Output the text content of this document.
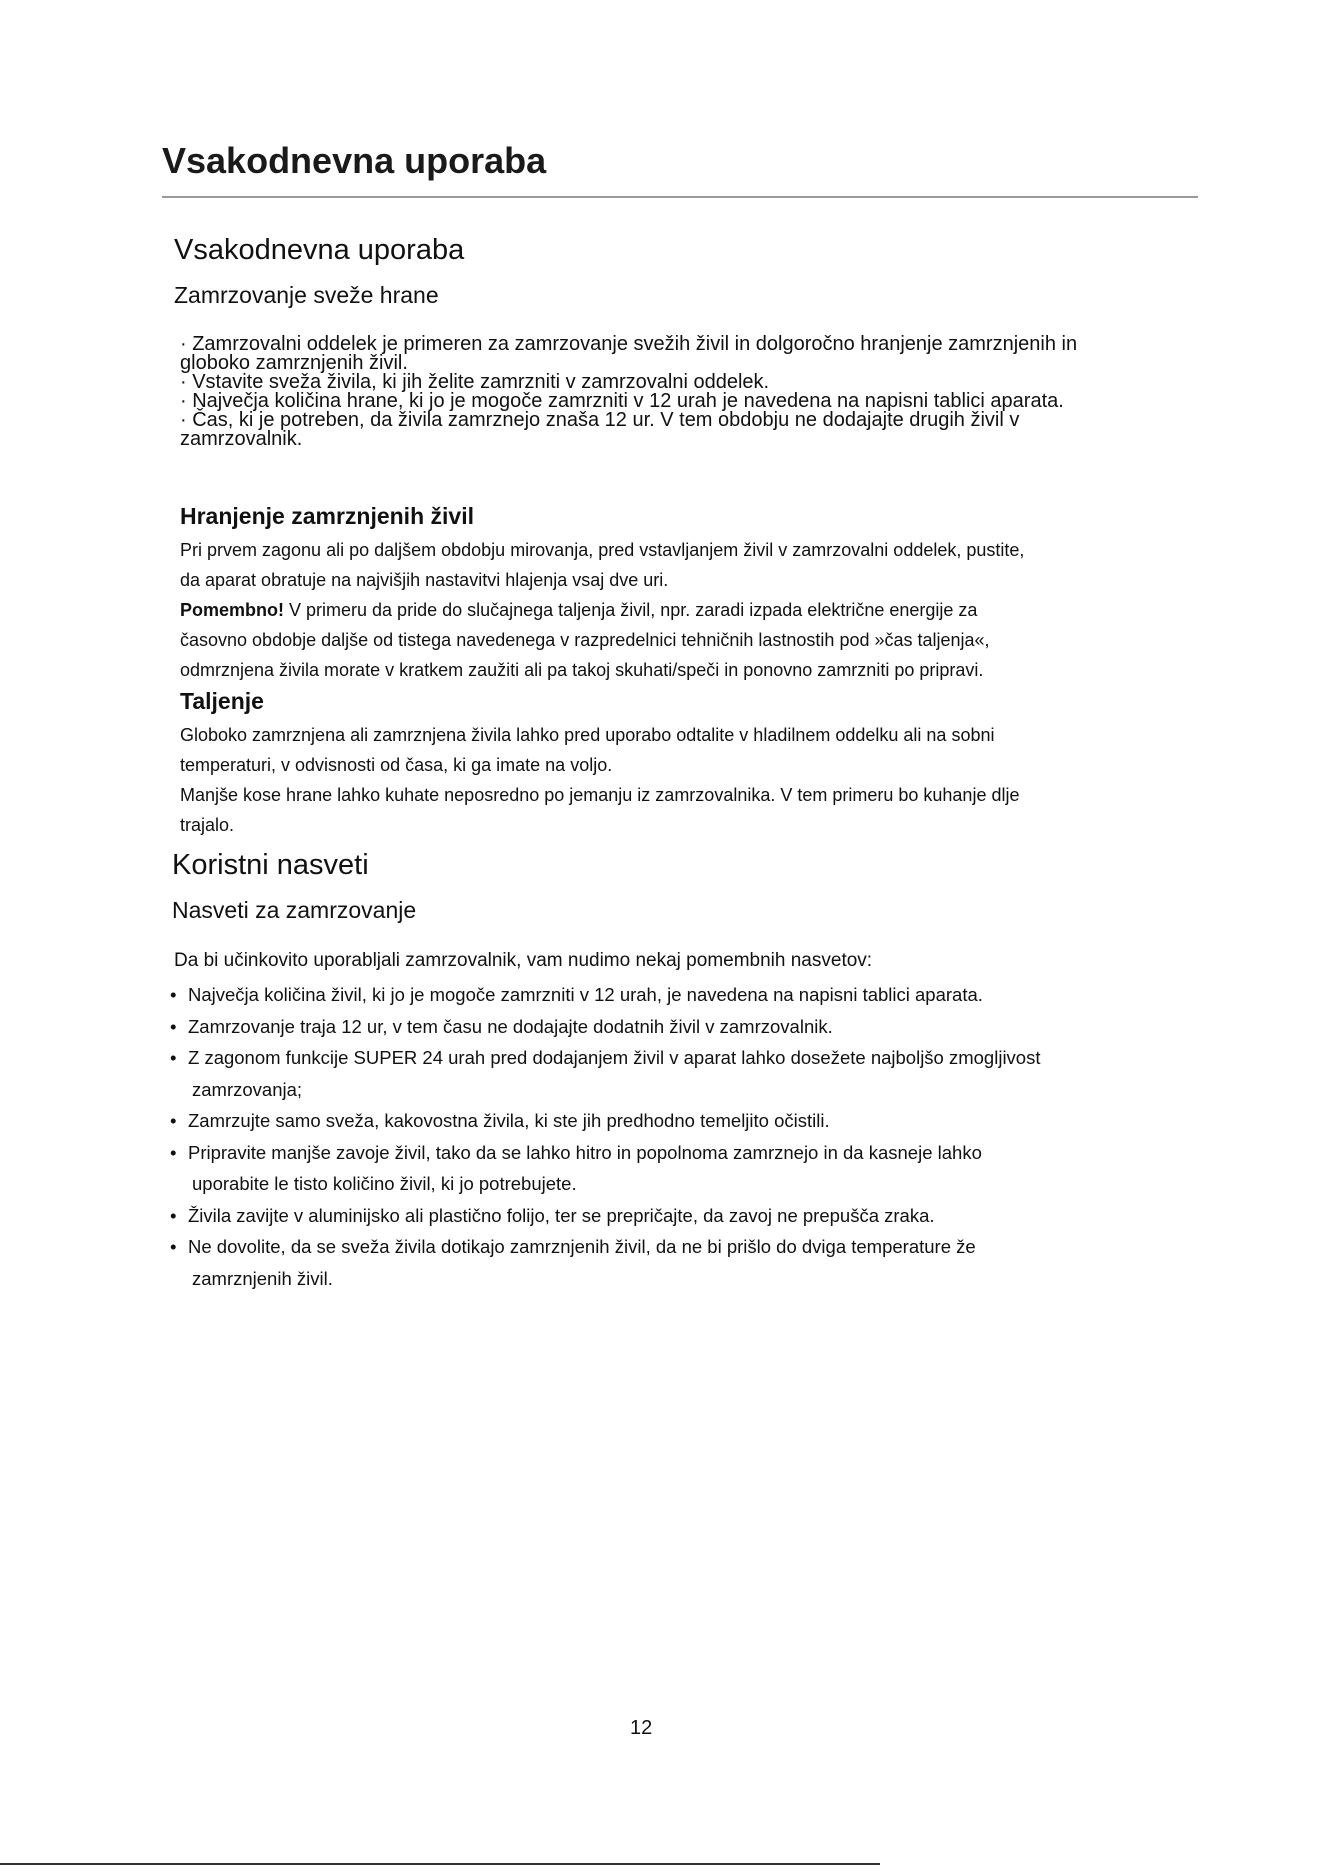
Vsakodnevna uporaba
Vsakodnevna uporaba
Zamrzovanje sveže hrane
· Zamrzovalni oddelek je primeren za zamrzovanje svežih živil in dolgoročno hranjenje zamrznjenih in
globoko zamrznjenih živil.
· Vstavite sveža živila, ki jih želite zamrzniti v zamrzovalni oddelek.
· Največja količina hrane, ki jo je mogoče zamrzniti v 12 urah je navedena na napisni tablici aparata.
· Čas, ki je potreben, da živila zamrznejo znaša 12 ur. V tem obdobju ne dodajajte drugih živil v
zamrzovalnik.
Hranjenje zamrznjenih živil
Pri prvem zagonu ali po daljšem obdobju mirovanja, pred vstavljanjem živil v zamrzovalni oddelek, pustite,
da aparat obratuje na najvišjih nastavitvi hlajenja vsaj dve uri.
Pomembno! V primeru da pride do slučajnega taljenja živil, npr. zaradi izpada električne energije za
časovno obdobje daljše od tistega navedenega v razpredelnici tehničnih lastnostih pod »čas taljenja«,
odmrznjena živila morate v kratkem zaužiti ali pa takoj skuhati/speči in ponovno zamrzniti po pripravi.
Taljenje
Globoko zamrznjena ali zamrznjena živila lahko pred uporabo odtalite v hladilnem oddelku ali na sobni
temperaturi, v odvisnosti od časa, ki ga imate na voljo.
Manjše kose hrane lahko kuhate neposredno po jemanju iz zamrzovalnika. V tem primeru bo kuhanje dlje
trajalo.
Koristni nasveti
Nasveti za zamrzovanje
Da bi učinkovito uporabljali zamrzovalnik, vam nudimo nekaj pomembnih nasvetov:
• Največja količina živil, ki jo je mogoče zamrzniti v 12 urah, je navedena na napisni tablici aparata.
• Zamrzovanje traja 12 ur, v tem času ne dodajajte dodatnih živil v zamrzovalnik.
• Z zagonom funkcije SUPER 24 urah pred dodajanjem živil v aparat lahko dosežete najboljšo zmogljivost
zamrzovanja;
• Zamrzujte samo sveža, kakovostna živila, ki ste jih predhodno temeljito očistili.
• Pripravite manjše zavoje živil, tako da se lahko hitro in popolnoma zamrznejo in da kasneje lahko
uporabite le tisto količino živil, ki jo potrebujete.
• Živila zavijte v aluminijsko ali plastično folijo, ter se prepričajte, da zavoj ne prepušča zraka.
• Ne dovolite, da se sveža živila dotikajo zamrznjenih živil, da ne bi prišlo do dviga temperature že
zamrznjenih živil.
12
